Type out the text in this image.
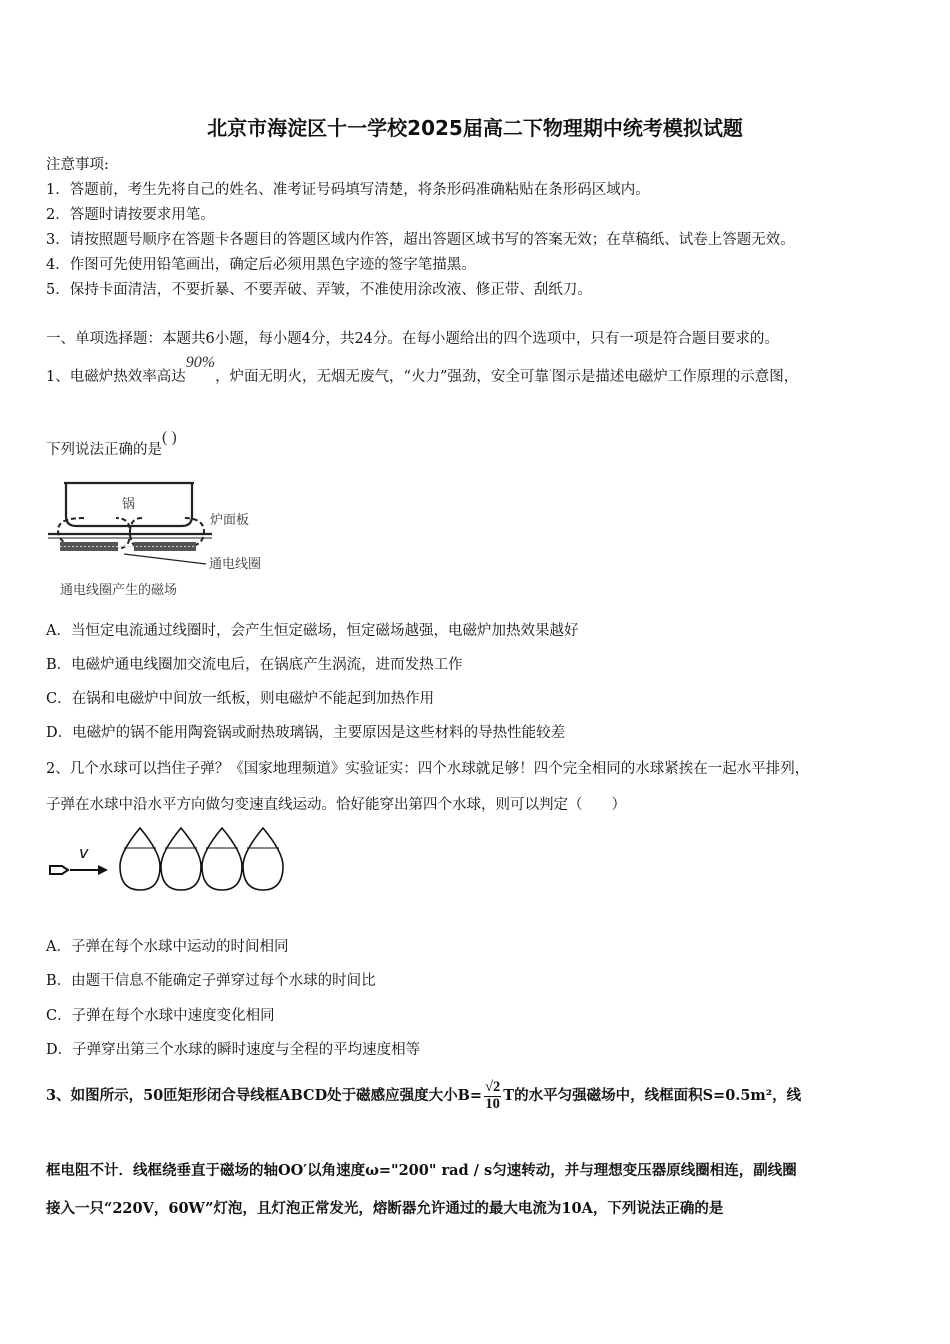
北京市海淀区十一学校2025届高二下物理期中统考模拟试题
注意事项:
1．答题前，考生先将自己的姓名、准考证号码填写清楚，将条形码准确粘贴在条形码区域内。
2．答题时请按要求用笔。
3．请按照题号顺序在答题卡各题目的答题区域内作答，超出答题区域书写的答案无效；在草稿纸、试卷上答题无效。
4．作图可先使用铅笔画出，确定后必须用黑色字迹的签字笔描黑。
5．保持卡面清洁，不要折暴、不要弄破、弄皱，不准使用涂改液、修正带、刮纸刀。
一、单项选择题：本题共6小题，每小题4分，共24分。在每小题给出的四个选项中，只有一项是符合题目要求的。
1、电磁炉热效率高达90%，炉面无明火，无烟无废气，“火力”强劲，安全可靠·图示是描述电磁炉工作原理的示意图，
下列说法正确的是( )
锅
炉面板
通电线圈
通电线圈产生的磁场
A．当恒定电流通过线圈时，会产生恒定磁场，恒定磁场越强，电磁炉加热效果越好
B．电磁炉通电线圈加交流电后，在锅底产生涡流，进而发热工作
C．在锅和电磁炉中间放一纸板，则电磁炉不能起到加热作用
D．电磁炉的锅不能用陶瓷锅或耐热玻璃锅，主要原因是这些材料的导热性能较差
2、几个水球可以挡住子弹？《国家地理频道》实验证实：四个水球就足够！四个完全相同的水球紧挨在一起水平排列，
子弹在水球中沿水平方向做匀变速直线运动。恰好能穿出第四个水球，则可以判定（　　）
v
A．子弹在每个水球中运动的时间相同
B．由题干信息不能确定子弹穿过每个水球的时间比
C．子弹在每个水球中速度变化相同
D．子弹穿出第三个水球的瞬时速度与全程的平均速度相等
3、如图所示，50匝矩形闭合导线框ABCD处于磁感应强度大小$B= \frac{√2}{10}$ T的水平匀强磁场中，线框面积S=0.5m²，线
框电阻不计．线框绕垂直于磁场的轴OO′以角速度ω="200" rad / s匀速转动，并与理想变压器原线圈相连，副线圈
接入一只“220V，60W”灯泡，且灯泡正常发光，熔断器允许通过的最大电流为10A，下列说法正确的是
